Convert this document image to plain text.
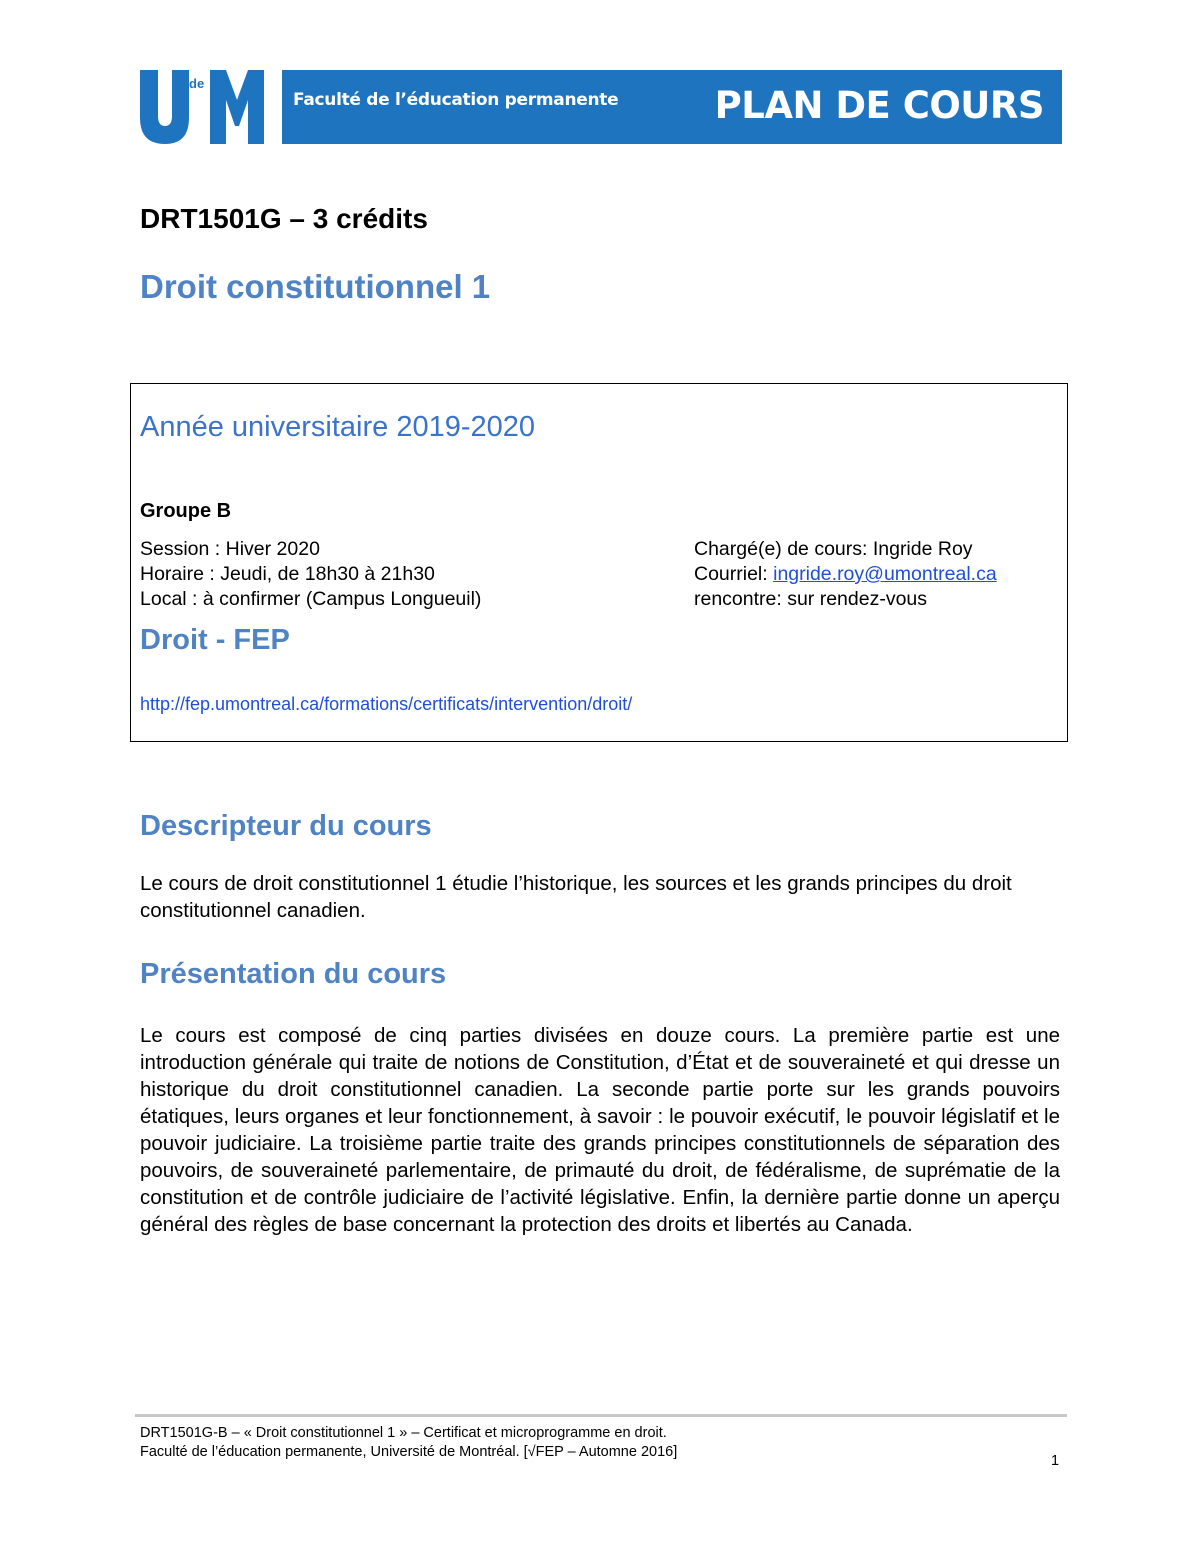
de
Faculté de l’éducation permanente	PLAN DE COURS
DRT1501G – 3 crédits
Droit constitutionnel 1
Année universitaire 2019-2020
Groupe B
Session : Hiver 2020
Horaire : Jeudi, de 18h30 à 21h30
Local : à confirmer (Campus Longueuil)
Chargé(e) de cours: Ingride Roy
Courriel: ingride.roy@umontreal.ca
rencontre: sur rendez-vous
Droit - FEP
http://fep.umontreal.ca/formations/certificats/intervention/droit/
Descripteur du cours

Le cours de droit constitutionnel 1 étudie l’historique, les sources et les grands principes du droit constitutionnel canadien.

Présentation du cours

Le cours est composé de cinq parties divisées en douze cours. La première partie est une introduction générale qui traite de notions de Constitution, d’État et de souveraineté et qui dresse un historique du droit constitutionnel canadien. La seconde partie porte sur les grands pouvoirs étatiques, leurs organes et leur fonctionnement, à savoir : le pouvoir exécutif, le pouvoir législatif et le pouvoir judiciaire. La troisième partie traite des grands principes constitutionnels de séparation des pouvoirs, de souveraineté parlementaire, de primauté du droit, de fédéralisme, de suprématie de la constitution et de contrôle judiciaire de l’activité législative. Enfin, la dernière partie donne un aperçu général des règles de base concernant la protection des droits et libertés au Canada.

DRT1501G-B – « Droit constitutionnel 1 » – Certificat et microprogramme en droit.
Faculté de l’éducation permanente, Université de Montréal. [√FEP – Automne 2016]
1
